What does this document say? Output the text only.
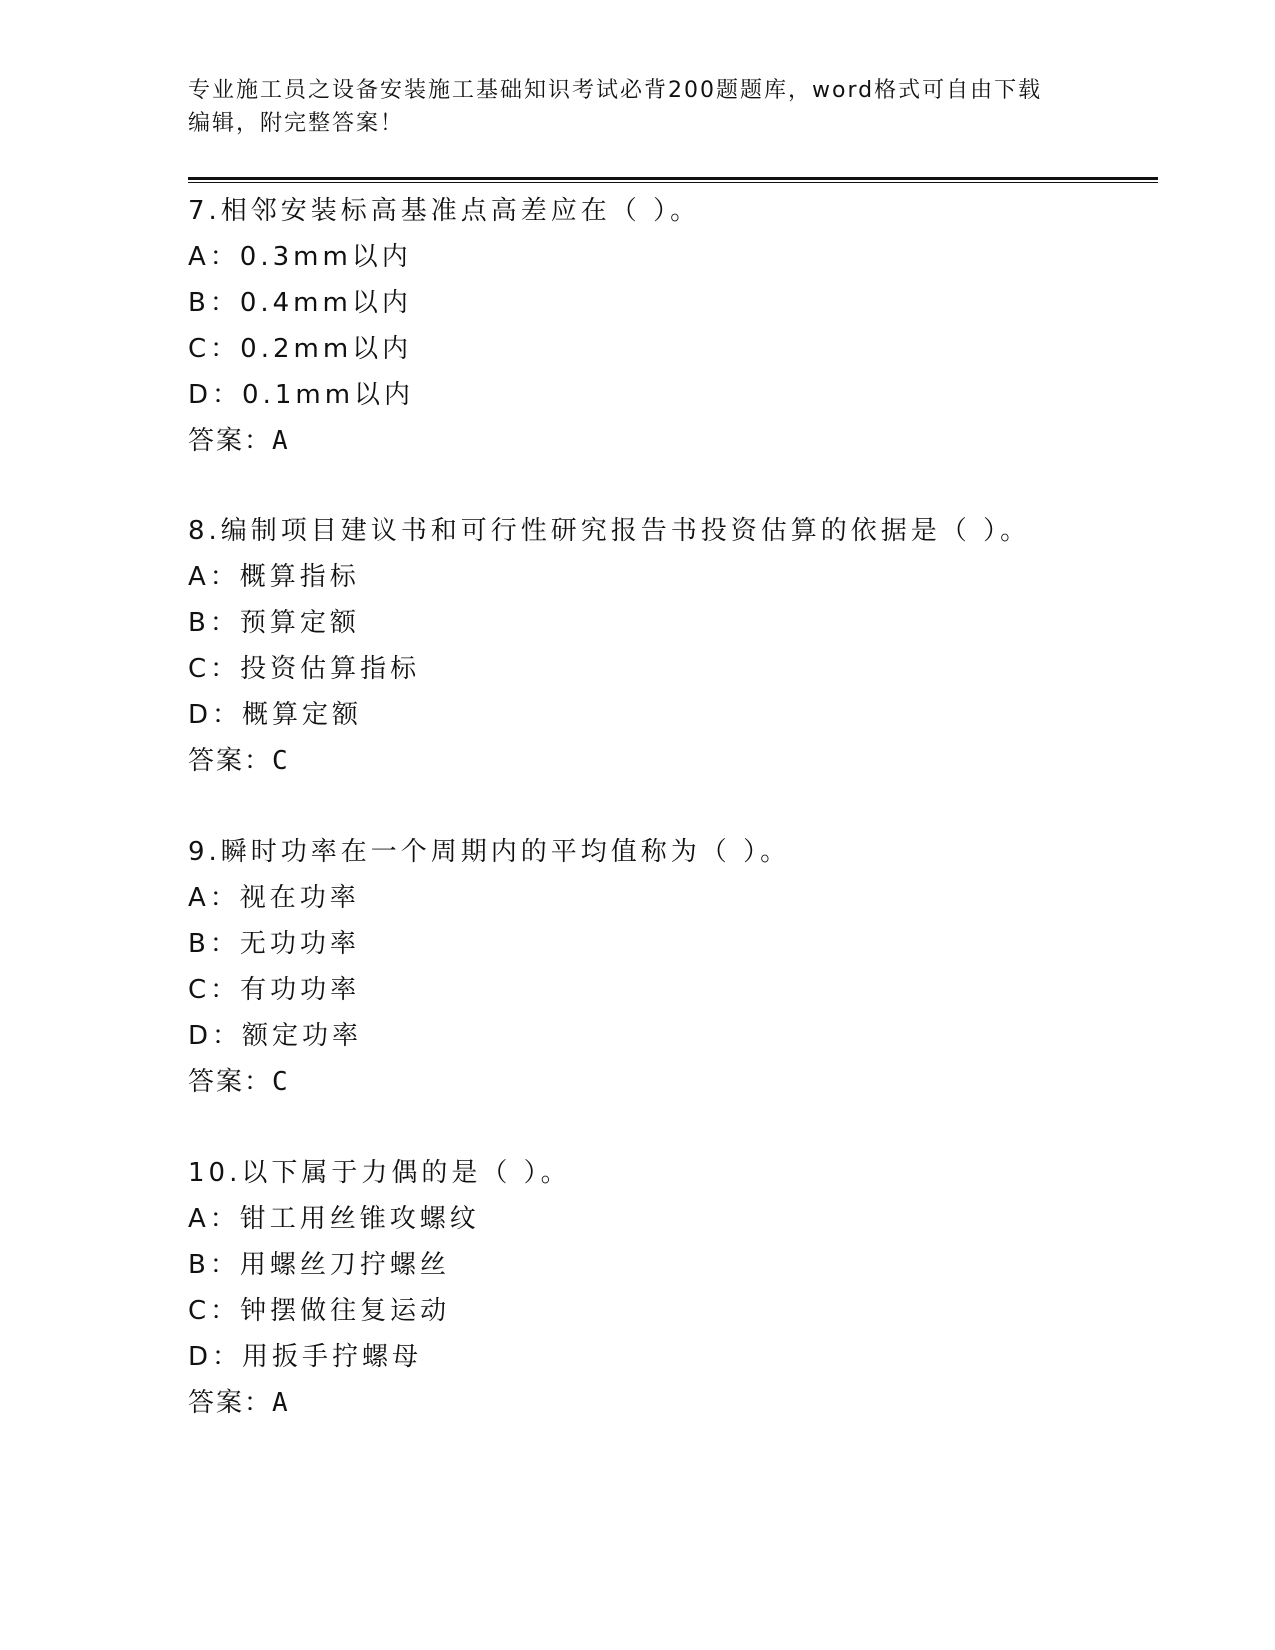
专业施工员之设备安装施工基础知识考试必背200题题库，word格式可自由下载
编辑，附完整答案！
7.相邻安装标高基准点高差应在（ ）。
A：0.3mm以内
B：0.4mm以内
C：0.2mm以内
D：0.1mm以内
答案：A
8.编制项目建议书和可行性研究报告书投资估算的依据是（ ）。
A：概算指标
B：预算定额
C：投资估算指标
D：概算定额
答案：C
9.瞬时功率在一个周期内的平均值称为（ ）。
A：视在功率
B：无功功率
C：有功功率
D：额定功率
答案：C
10.以下属于力偶的是（ ）。
A：钳工用丝锥攻螺纹
B：用螺丝刀拧螺丝
C：钟摆做往复运动
D：用扳手拧螺母
答案：A
